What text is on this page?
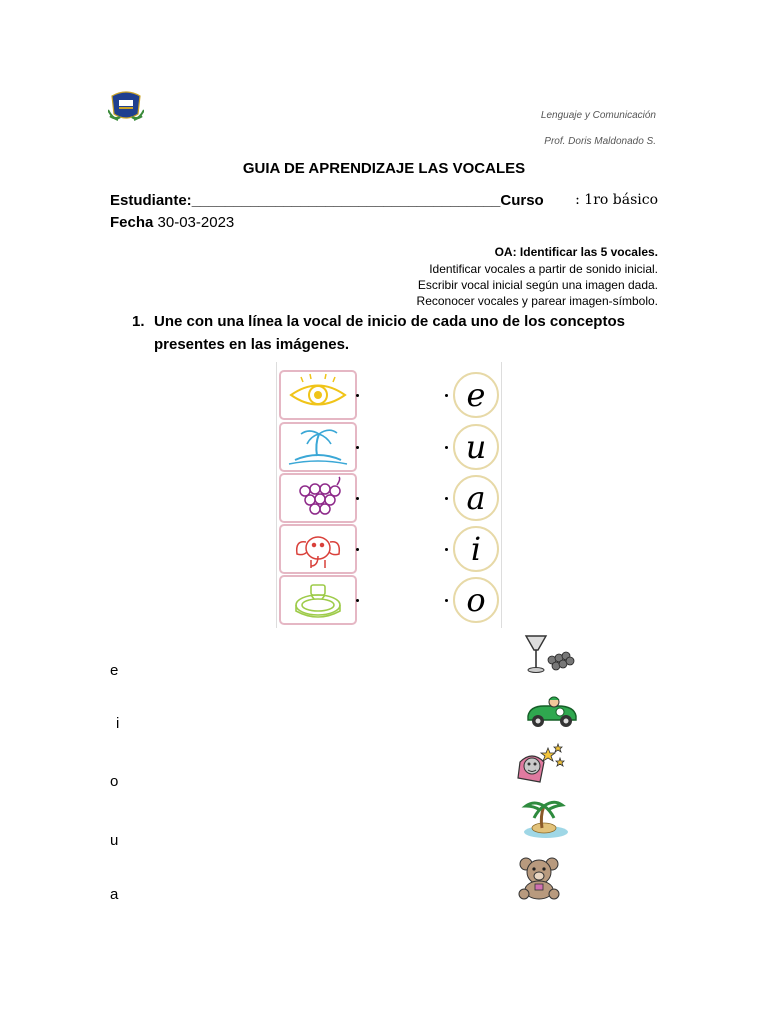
Lenguaje y Comunicación
Prof. Doris Maldonado S.
GUIA DE APRENDIZAJE LAS VOCALES
Estudiante:_____________________________________Curso : 1ro básico
Fecha 30-03-2023
OA: Identificar las 5 vocales.
Identificar vocales a partir de sonido inicial.
Escribir vocal inicial según una imagen dada.
Reconocer vocales y parear imagen-símbolo.
1. Une con una línea la vocal de inicio de cada uno de los conceptos presentes en las imágenes.
e
u
a
i
o
e
i
o
u
a
